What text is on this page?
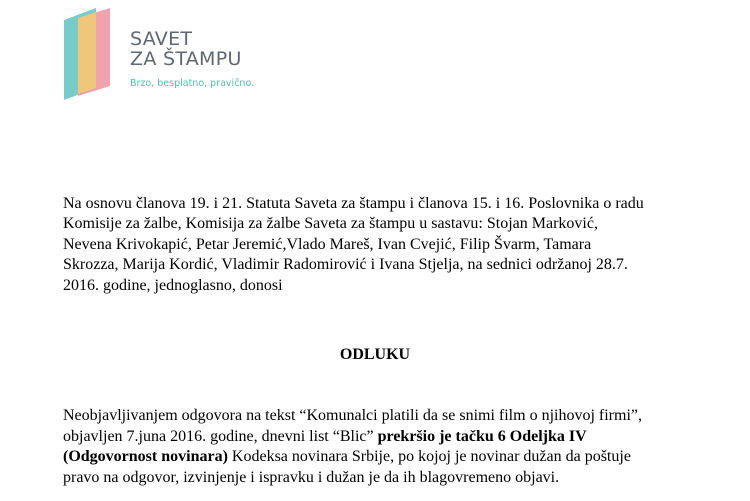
SAVET
ZA ŠTAMPU
Brzo, besplatno, pravično.
Na osnovu članova 19. i 21. Statuta Saveta za štampu i članova 15. i 16. Poslovnika o radu
Komisije za žalbe, Komisija za žalbe Saveta za štampu u sastavu: Stojan Marković,
Nevena Krivokapić, Petar Jeremić,Vlado Mareš, Ivan Cvejić, Filip Švarm, Tamara
Skrozza, Marija Kordić, Vladimir Radomirović i Ivana Stjelja, na sednici održanoj 28.7.
2016. godine, jednoglasno, donosi
ODLUKU
Neobjavljivanjem odgovora na tekst “Komunalci platili da se snimi film o njihovoj firmi”,
objavljen 7.juna 2016. godine, dnevni list “Blic” prekršio je tačku 6 Odeljka IV
(Odgovornost novinara) Kodeksa novinara Srbije, po kojoj je novinar dužan da poštuje
pravo na odgovor, izvinjenje i ispravku i dužan je da ih blagovremeno objavi.
